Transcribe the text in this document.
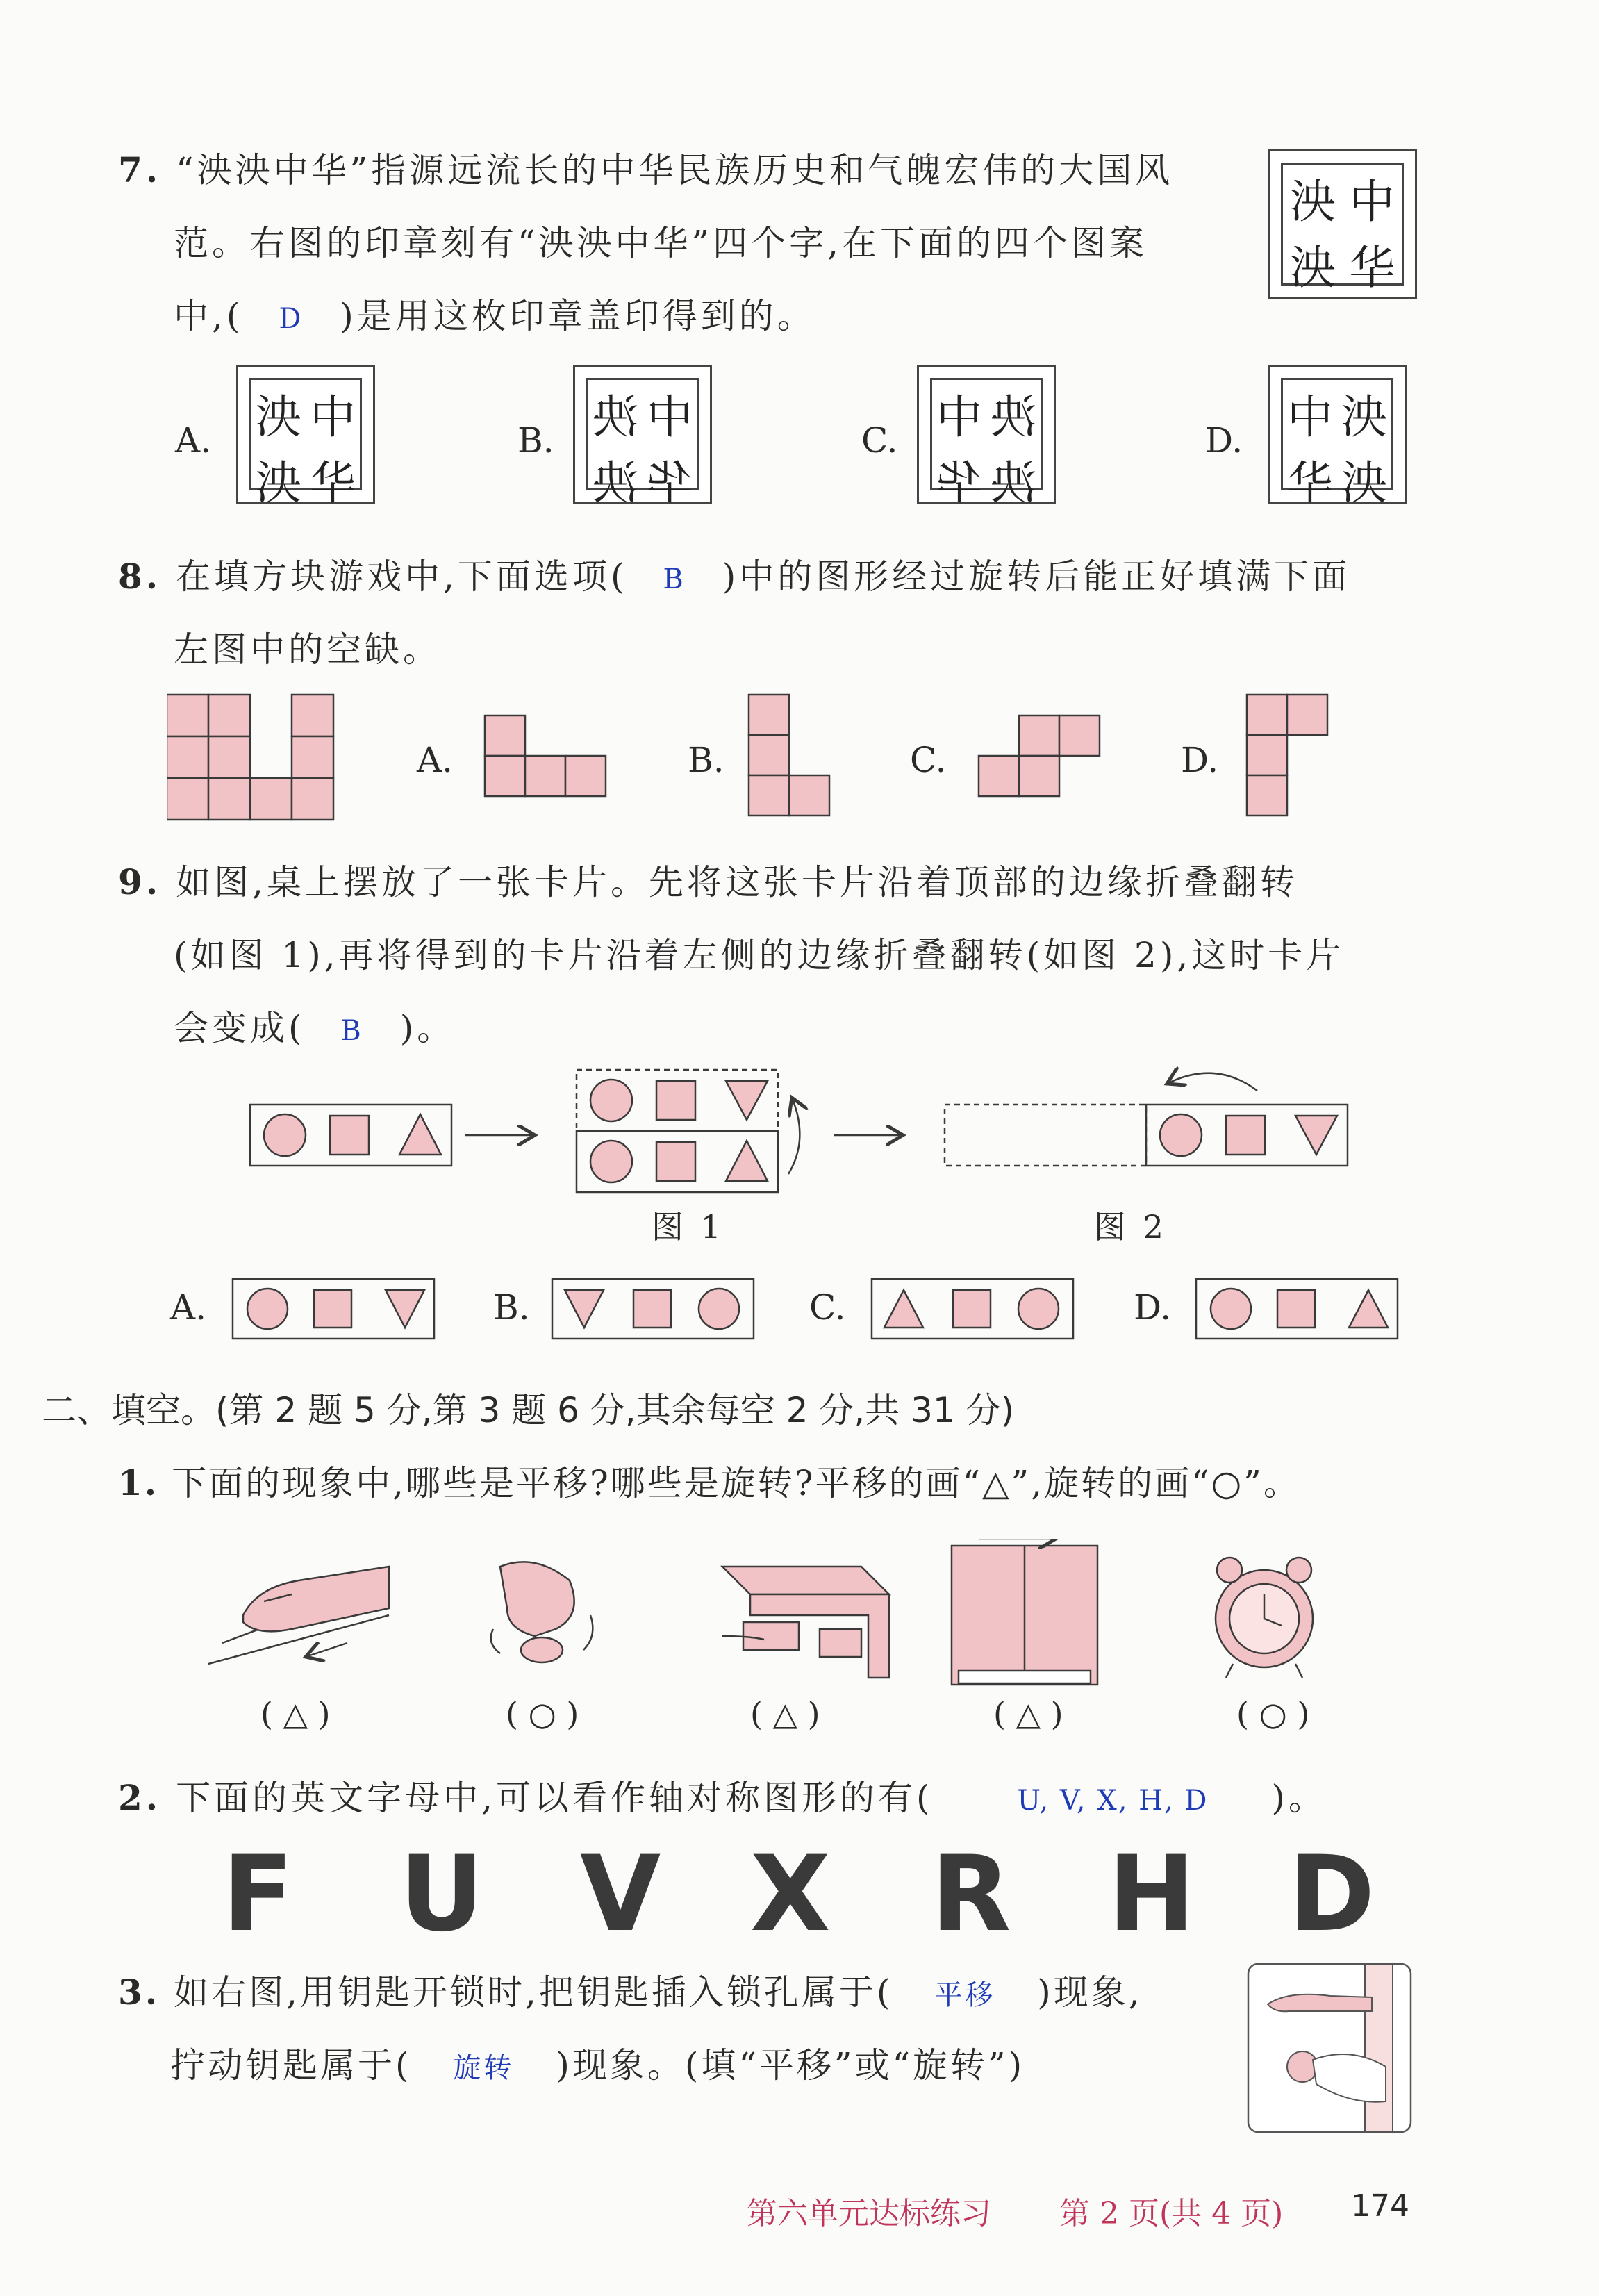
7. “泱泱中华”指源远流长的中华民族历史和气魄宏伟的大国风
范。右图的印章刻有“泱泱中华”四个字,在下面的四个图案
中,( D )是用这枚印章盖印得到的。
泱 中
泱 华
A. 泱 中
泱 华
B. 泱 中
泱 华
C. 中 泱
华 泱
D. 中 泱
华 泱
8. 在填方块游戏中,下面选项( B )中的图形经过旋转后能正好填满下面
左图中的空缺。
A.	B.	C.	D.
9. 如图,桌上摆放了一张卡片。先将这张卡片沿着顶部的边缘折叠翻转
(如图 1),再将得到的卡片沿着左侧的边缘折叠翻转(如图 2),这时卡片
会变成( B )。
图 1	图 2
A.	B.	C.	D.
二、填空。(第 2 题 5 分,第 3 题 6 分,其余每空 2 分,共 31 分)
1. 下面的现象中,哪些是平移?哪些是旋转?平移的画“△”,旋转的画“○”。
( △ )	( ○ )	( △ )	( △ )	( ○ )
2. 下面的英文字母中,可以看作轴对称图形的有(	U, V, X, H, D )。
F U V X R H D
3. 如右图,用钥匙开锁时,把钥匙插入锁孔属于( 平移 )现象,
拧动钥匙属于( 旋转 )现象。(填“平移”或“旋转”)
第六单元达标练习 第 2 页(共 4 页) 174
